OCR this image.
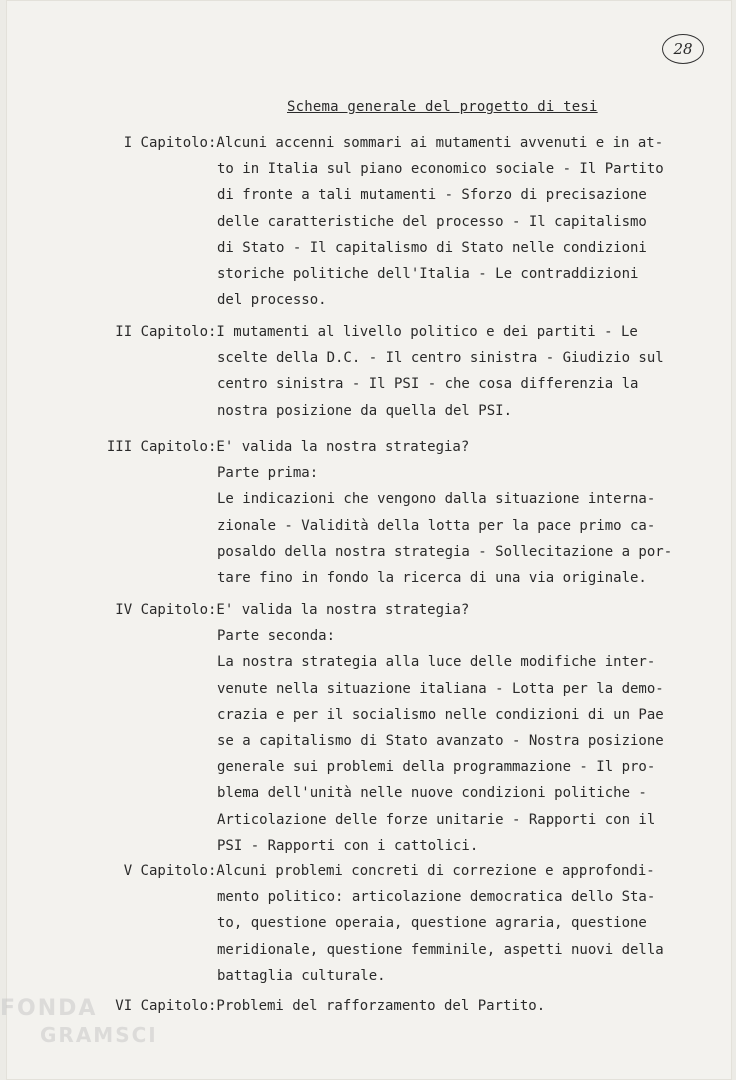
28
Schema generale del progetto di tesi
I Capitolo :Alcuni accenni sommari ai mutamenti avvenuti e in at-
to in Italia sul piano economico sociale - Il Partito
di fronte a tali mutamenti - Sforzo di precisazione
delle caratteristiche del processo - Il capitalismo
di Stato - Il capitalismo di Stato nelle condizioni
storiche politiche dell'Italia - Le contraddizioni
del processo.
II Capitolo :I mutamenti al livello politico e dei partiti - Le
scelte della D.C. - Il centro sinistra - Giudizio sul
centro sinistra - Il PSI - che cosa differenzia la
nostra posizione da quella del PSI.
III Capitolo :E' valida la nostra strategia?
Parte prima:
Le indicazioni che vengono dalla situazione interna-
zionale - Validità della lotta per la pace primo ca-
posaldo della nostra strategia - Sollecitazione a por-
tare fino in fondo la ricerca di una via originale.
IV Capitolo :E' valida la nostra strategia?
Parte seconda:
La nostra strategia alla luce delle modifiche inter-
venute nella situazione italiana - Lotta per la demo-
crazia e per il socialismo nelle condizioni di un Pae
se a capitalismo di Stato avanzato - Nostra posizione
generale sui problemi della programmazione - Il pro-
blema dell'unità nelle nuove condizioni politiche -
Articolazione delle forze unitarie - Rapporti con il
PSI - Rapporti con i cattolici.
V Capitolo :Alcuni problemi concreti di correzione e approfondi-
mento politico: articolazione democratica dello Sta-
to, questione operaia, questione agraria, questione
meridionale, questione femminile, aspetti nuovi della
battaglia culturale.
VI Capitolo :Problemi del rafforzamento del Partito.
FONDA
GRAMSCI
